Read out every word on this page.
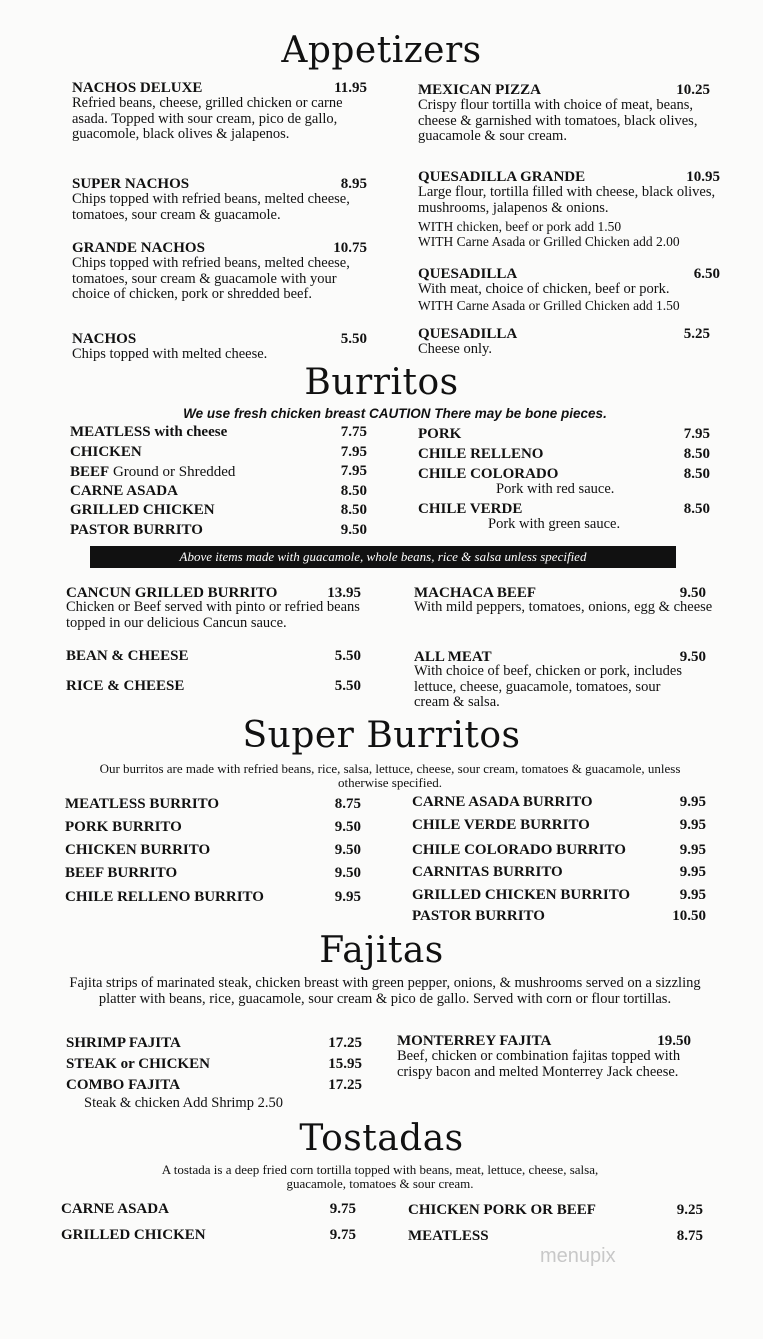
Appetizers
NACHOS DELUXE	11.95
Refried beans, cheese, grilled chicken or carne asada. Topped with sour cream, pico de gallo, guacomole, black olives & jalapenos.
SUPER NACHOS	8.95
Chips topped with refried beans, melted cheese, tomatoes, sour cream & guacamole.
GRANDE NACHOS	10.75
Chips topped with refried beans, melted cheese, tomatoes, sour cream & guacamole with your choice of chicken, pork or shredded beef.
NACHOS	5.50
Chips topped with melted cheese.
MEXICAN PIZZA	10.25
Crispy flour tortilla with choice of meat, beans, cheese & garnished with tomatoes, black olives, guacamole & sour cream.
QUESADILLA GRANDE	10.95
Large flour, tortilla filled with cheese, black olives, mushrooms, jalapenos & onions.
WITH chicken, beef or pork add 1.50
WITH Carne Asada or Grilled Chicken add 2.00
QUESADILLA	6.50
With meat, choice of chicken, beef or pork.
WITH Carne Asada or Grilled Chicken add 1.50
QUESADILLA	5.25
Cheese only.
Burritos
We use fresh chicken breast CAUTION There may be bone pieces.
MEATLESS with cheese	7.75
CHICKEN	7.95
BEEF Ground or Shredded	7.95
CARNE ASADA	8.50
GRILLED CHICKEN	8.50
PASTOR BURRITO	9.50
PORK	7.95
CHILE RELLENO	8.50
CHILE COLORADO	8.50
Pork with red sauce.
CHILE VERDE	8.50
Pork with green sauce.
Above items made with guacamole, whole beans, rice & salsa unless specified
CANCUN GRILLED BURRITO	13.95
Chicken or Beef served with pinto or refried beans topped in our delicious Cancun sauce.
BEAN & CHEESE	5.50
RICE & CHEESE	5.50
MACHACA BEEF	9.50
With mild peppers, tomatoes, onions, egg & cheese
ALL MEAT	9.50
With choice of beef, chicken or pork, includes lettuce, cheese, guacamole, tomatoes, sour cream & salsa.
Super Burritos
Our burritos are made with refried beans, rice, salsa, lettuce, cheese, sour cream, tomatoes & guacamole, unless otherwise specified.
MEATLESS BURRITO	8.75
PORK BURRITO	9.50
CHICKEN BURRITO	9.50
BEEF BURRITO	9.50
CHILE RELLENO BURRITO	9.95
CARNE ASADA BURRITO	9.95
CHILE VERDE BURRITO	9.95
CHILE COLORADO BURRITO	9.95
CARNITAS BURRITO	9.95
GRILLED CHICKEN BURRITO	9.95
PASTOR BURRITO	10.50
Fajitas
Fajita strips of marinated steak, chicken breast with green pepper, onions, & mushrooms served on a sizzling platter with beans, rice, guacamole, sour cream & pico de gallo. Served with corn or flour tortillas.
SHRIMP FAJITA	17.25
STEAK or CHICKEN	15.95
COMBO FAJITA	17.25
Steak & chicken Add Shrimp 2.50
MONTERREY FAJITA	19.50
Beef, chicken or combination fajitas topped with crispy bacon and melted Monterrey Jack cheese.
Tostadas
A tostada is a deep fried corn tortilla topped with beans, meat, lettuce, cheese, salsa, guacamole, tomatoes & sour cream.
CARNE ASADA	9.75
GRILLED CHICKEN	9.75
CHICKEN PORK OR BEEF	9.25
MEATLESS	8.75
menupix
